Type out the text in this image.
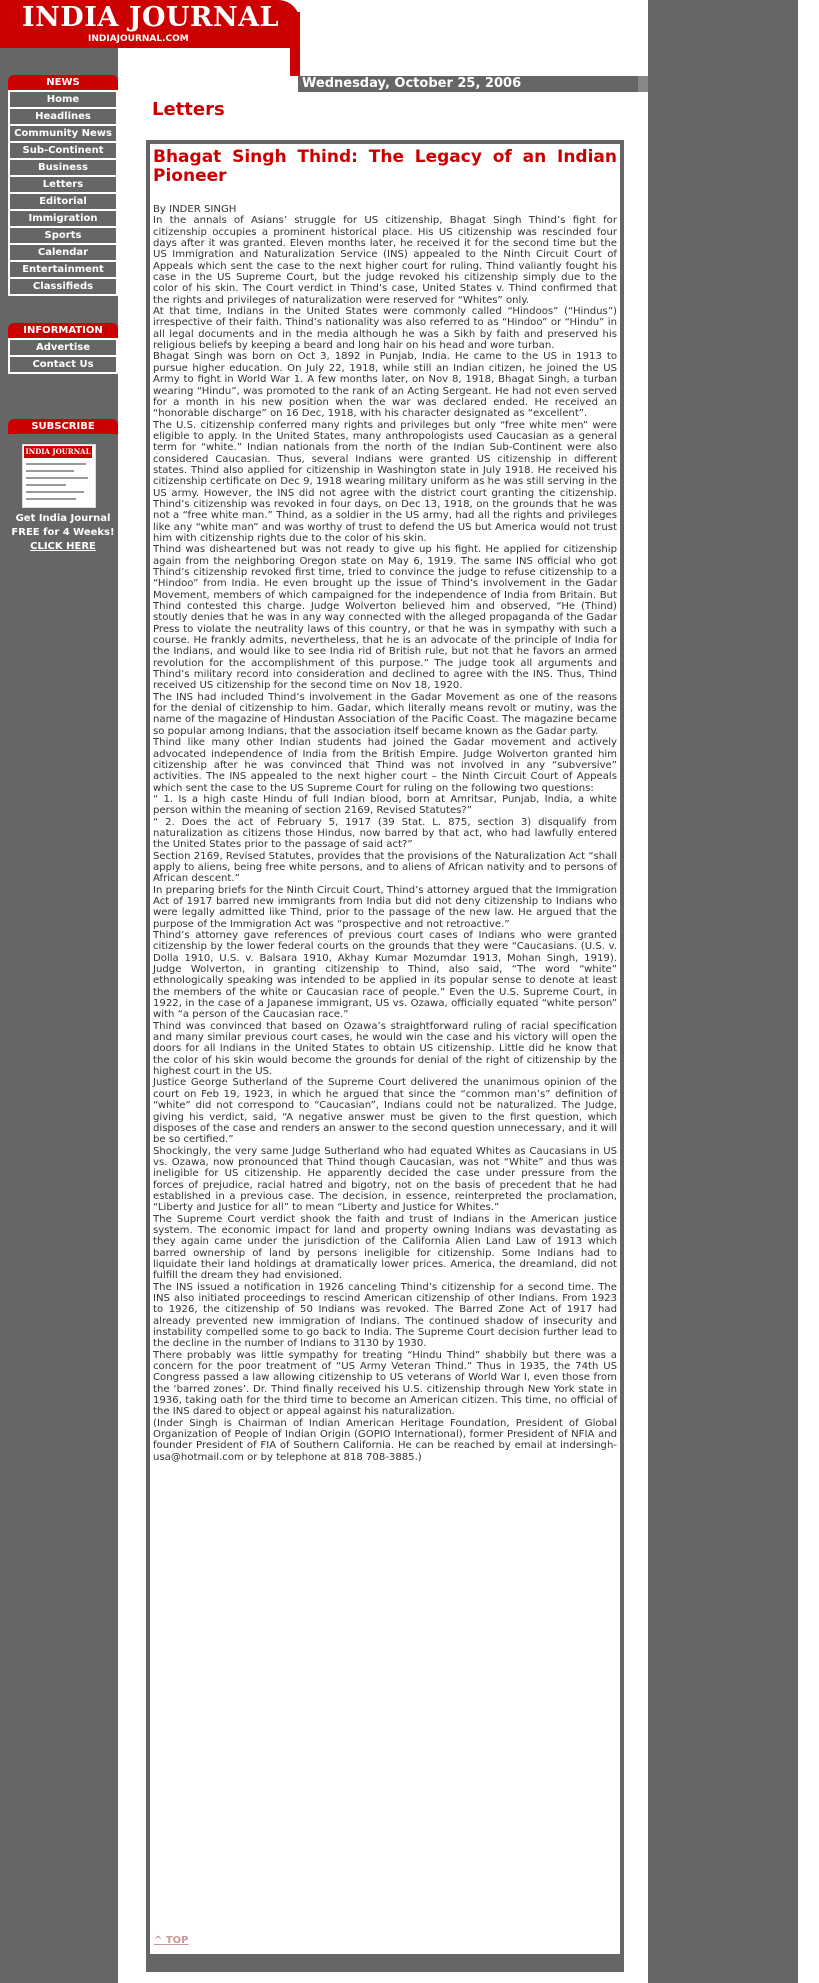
INDIA JOURNAL
INDIAJOURNAL.COM
Wednesday, October 25, 2006
NEWS
Home
Headlines
Community News
Sub-Continent
Business
Letters
Editorial
Immigration
Sports
Calendar
Entertainment
Classifieds
INFORMATION
Advertise
Contact Us
SUBSCRIBE
INDIA JOURNAL
Get India Journal
FREE for 4 Weeks!
CLICK HERE
Letters
Bhagat Singh Thind: The Legacy of an Indian Pioneer

By INDER SINGH

In the annals of Asians’ struggle for US citizenship, Bhagat Singh Thind’s fight for citizenship occupies a prominent historical place. His US citizenship was rescinded four days after it was granted. Eleven months later, he received it for the second time but the US Immigration and Naturalization Service (INS) appealed to the Ninth Circuit Court of Appeals which sent the case to the next higher court for ruling. Thind valiantly fought his case in the US Supreme Court, but the judge revoked his citizenship simply due to the color of his skin. The Court verdict in Thind’s case, United States v. Thind confirmed that the rights and privileges of naturalization were reserved for “Whites” only.

At that time, Indians in the United States were commonly called “Hindoos” (“Hindus”) irrespective of their faith. Thind’s nationality was also referred to as “Hindoo” or “Hindu” in all legal documents and in the media although he was a Sikh by faith and preserved his religious beliefs by keeping a beard and long hair on his head and wore turban.

Bhagat Singh was born on Oct 3, 1892 in Punjab, India. He came to the US in 1913 to pursue higher education. On July 22, 1918, while still an Indian citizen, he joined the US Army to fight in World War 1. A few months later, on Nov 8, 1918, Bhagat Singh, a turban wearing “Hindu”, was promoted to the rank of an Acting Sergeant. He had not even served for a month in his new position when the war was declared ended. He received an “honorable discharge” on 16 Dec, 1918, with his character designated as “excellent”.

The U.S. citizenship conferred many rights and privileges but only “free white men” were eligible to apply. In the United States, many anthropologists used Caucasian as a general term for “white.” Indian nationals from the north of the Indian Sub-Continent were also considered Caucasian. Thus, several Indians were granted US citizenship in different states. Thind also applied for citizenship in Washington state in July 1918. He received his citizenship certificate on Dec 9, 1918 wearing military uniform as he was still serving in the US army. However, the INS did not agree with the district court granting the citizenship. Thind’s citizenship was revoked in four days, on Dec 13, 1918, on the grounds that he was not a “free white man.” Thind, as a soldier in the US army, had all the rights and privileges like any “white man” and was worthy of trust to defend the US but America would not trust him with citizenship rights due to the color of his skin.

Thind was disheartened but was not ready to give up his fight. He applied for citizenship again from the neighboring Oregon state on May 6, 1919. The same INS official who got Thind’s citizenship revoked first time, tried to convince the judge to refuse citizenship to a “Hindoo” from India. He even brought up the issue of Thind’s involvement in the Gadar Movement, members of which campaigned for the independence of India from Britain. But Thind contested this charge. Judge Wolverton believed him and observed, “He (Thind) stoutly denies that he was in any way connected with the alleged propaganda of the Gadar Press to violate the neutrality laws of this country, or that he was in sympathy with such a course. He frankly admits, nevertheless, that he is an advocate of the principle of India for the Indians, and would like to see India rid of British rule, but not that he favors an armed revolution for the accomplishment of this purpose.” The judge took all arguments and Thind’s military record into consideration and declined to agree with the INS. Thus, Thind received US citizenship for the second time on Nov 18, 1920.

The INS had included Thind’s involvement in the Gadar Movement as one of the reasons for the denial of citizenship to him. Gadar, which literally means revolt or mutiny, was the name of the magazine of Hindustan Association of the Pacific Coast. The magazine became so popular among Indians, that the association itself became known as the Gadar party.

Thind like many other Indian students had joined the Gadar movement and actively advocated independence of India from the British Empire. Judge Wolverton granted him citizenship after he was convinced that Thind was not involved in any “subversive” activities. The INS appealed to the next higher court – the Ninth Circuit Court of Appeals which sent the case to the US Supreme Court for ruling on the following two questions:

“ 1. Is a high caste Hindu of full Indian blood, born at Amritsar, Punjab, India, a white person within the meaning of section 2169, Revised Statutes?”

“ 2. Does the act of February 5, 1917 (39 Stat. L. 875, section 3) disqualify from naturalization as citizens those Hindus, now barred by that act, who had lawfully entered the United States prior to the passage of said act?”

Section 2169, Revised Statutes, provides that the provisions of the Naturalization Act “shall apply to aliens, being free white persons, and to aliens of African nativity and to persons of African descent.”

In preparing briefs for the Ninth Circuit Court, Thind’s attorney argued that the Immigration Act of 1917 barred new immigrants from India but did not deny citizenship to Indians who were legally admitted like Thind, prior to the passage of the new law. He argued that the purpose of the Immigration Act was “prospective and not retroactive.”

Thind’s attorney gave references of previous court cases of Indians who were granted citizenship by the lower federal courts on the grounds that they were “Caucasians. (U.S. v. Dolla 1910, U.S. v. Balsara 1910, Akhay Kumar Mozumdar 1913, Mohan Singh, 1919). Judge Wolverton, in granting citizenship to Thind, also said, “The word “white” ethnologically speaking was intended to be applied in its popular sense to denote at least the members of the white or Caucasian race of people.” Even the U.S. Supreme Court, in 1922, in the case of a Japanese immigrant, US vs. Ozawa, officially equated “white person” with “a person of the Caucasian race.”

Thind was convinced that based on Ozawa’s straightforward ruling of racial specification and many similar previous court cases, he would win the case and his victory will open the doors for all Indians in the United States to obtain US citizenship. Little did he know that the color of his skin would become the grounds for denial of the right of citizenship by the highest court in the US.

Justice George Sutherland of the Supreme Court delivered the unanimous opinion of the court on Feb 19, 1923, in which he argued that since the “common man’s” definition of “white” did not correspond to “Caucasian”, Indians could not be naturalized. The Judge, giving his verdict, said, “A negative answer must be given to the first question, which disposes of the case and renders an answer to the second question unnecessary, and it will be so certified.”

Shockingly, the very same Judge Sutherland who had equated Whites as Caucasians in US vs. Ozawa, now pronounced that Thind though Caucasian, was not “White” and thus was ineligible for US citizenship. He apparently decided the case under pressure from the forces of prejudice, racial hatred and bigotry, not on the basis of precedent that he had established in a previous case. The decision, in essence, reinterpreted the proclamation, “Liberty and Justice for all” to mean “Liberty and Justice for Whites.”

The Supreme Court verdict shook the faith and trust of Indians in the American justice system. The economic impact for land and property owning Indians was devastating as they again came under the jurisdiction of the California Alien Land Law of 1913 which barred ownership of land by persons ineligible for citizenship. Some Indians had to liquidate their land holdings at dramatically lower prices. America, the dreamland, did not fulfill the dream they had envisioned.

The INS issued a notification in 1926 canceling Thind’s citizenship for a second time. The INS also initiated proceedings to rescind American citizenship of other Indians. From 1923 to 1926, the citizenship of 50 Indians was revoked. The Barred Zone Act of 1917 had already prevented new immigration of Indians. The continued shadow of insecurity and instability compelled some to go back to India. The Supreme Court decision further lead to the decline in the number of Indians to 3130 by 1930.

There probably was little sympathy for treating “Hindu Thind” shabbily but there was a concern for the poor treatment of “US Army Veteran Thind.” Thus in 1935, the 74th US Congress passed a law allowing citizenship to US veterans of World War I, even those from the ‘barred zones’. Dr. Thind finally received his U.S. citizenship through New York state in 1936, taking oath for the third time to become an American citizen. This time, no official of the INS dared to object or appeal against his naturalization.

(Inder Singh is Chairman of Indian American Heritage Foundation, President of Global Organization of People of Indian Origin (GOPIO International), former President of NFIA and founder President of FIA of Southern California. He can be reached by email at indersingh-usa@hotmail.com or by telephone at 818 708-3885.)

^ TOP
